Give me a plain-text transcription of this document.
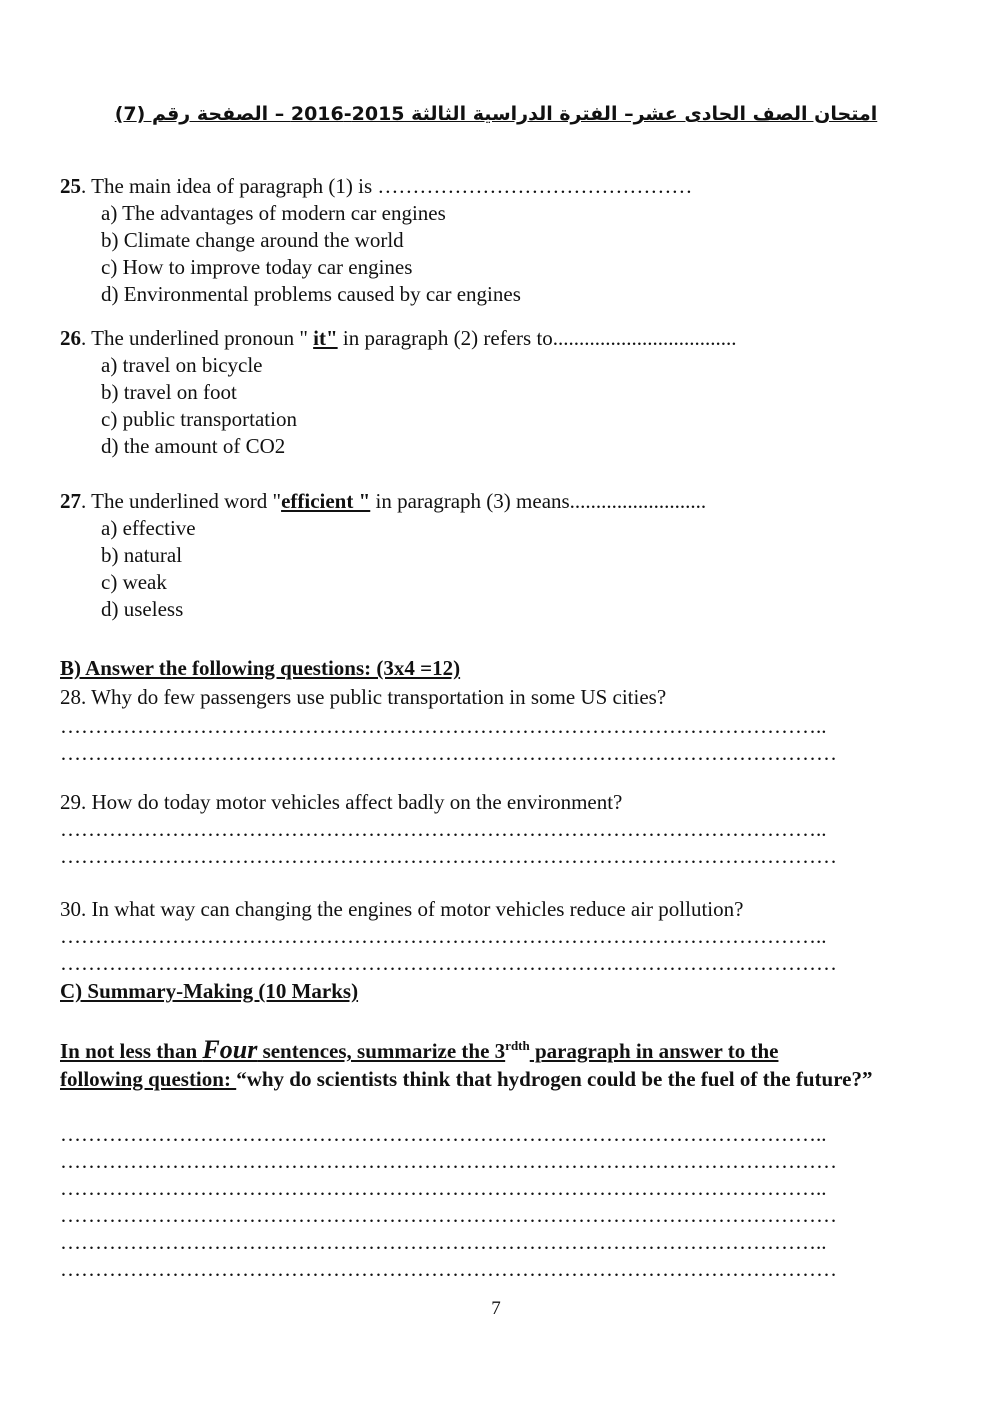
امتحان الصف الحادى عشر– الفترة الدراسية الثالثة 2015-2016 – الصفحة رقم (7)
25. The main idea of paragraph (1) is ………………………………………
a) The advantages of modern car engines
b) Climate change around the world
c) How to improve today car engines
d) Environmental problems caused by car engines
26. The underlined pronoun " it" in paragraph (2) refers to...................................
a) travel on bicycle
b) travel on foot
c) public transportation
d) the amount of CO2
27. The underlined word "efficient " in paragraph (3) means..........................
a) effective
b) natural
c) weak
d) useless
B) Answer the following questions: (3x4 =12)
28. Why do few passengers use public transportation in some US cities?
………………………………………………………………………………………………..
…………………………………………………………………………………………………
29. How do today motor vehicles affect badly on the environment?
………………………………………………………………………………………………..
…………………………………………………………………………………………………
30. In what way can changing the engines of motor vehicles reduce air pollution?
………………………………………………………………………………………………..
…………………………………………………………………………………………………
C) Summary-Making (10 Marks)
In not less than Four sentences, summarize the $3^{rdth}$ paragraph in answer to the
following question: “why do scientists think that hydrogen could be the fuel of the future?”
………………………………………………………………………………………………..
…………………………………………………………………………………………………
………………………………………………………………………………………………..
…………………………………………………………………………………………………
………………………………………………………………………………………………..
…………………………………………………………………………………………………
7
